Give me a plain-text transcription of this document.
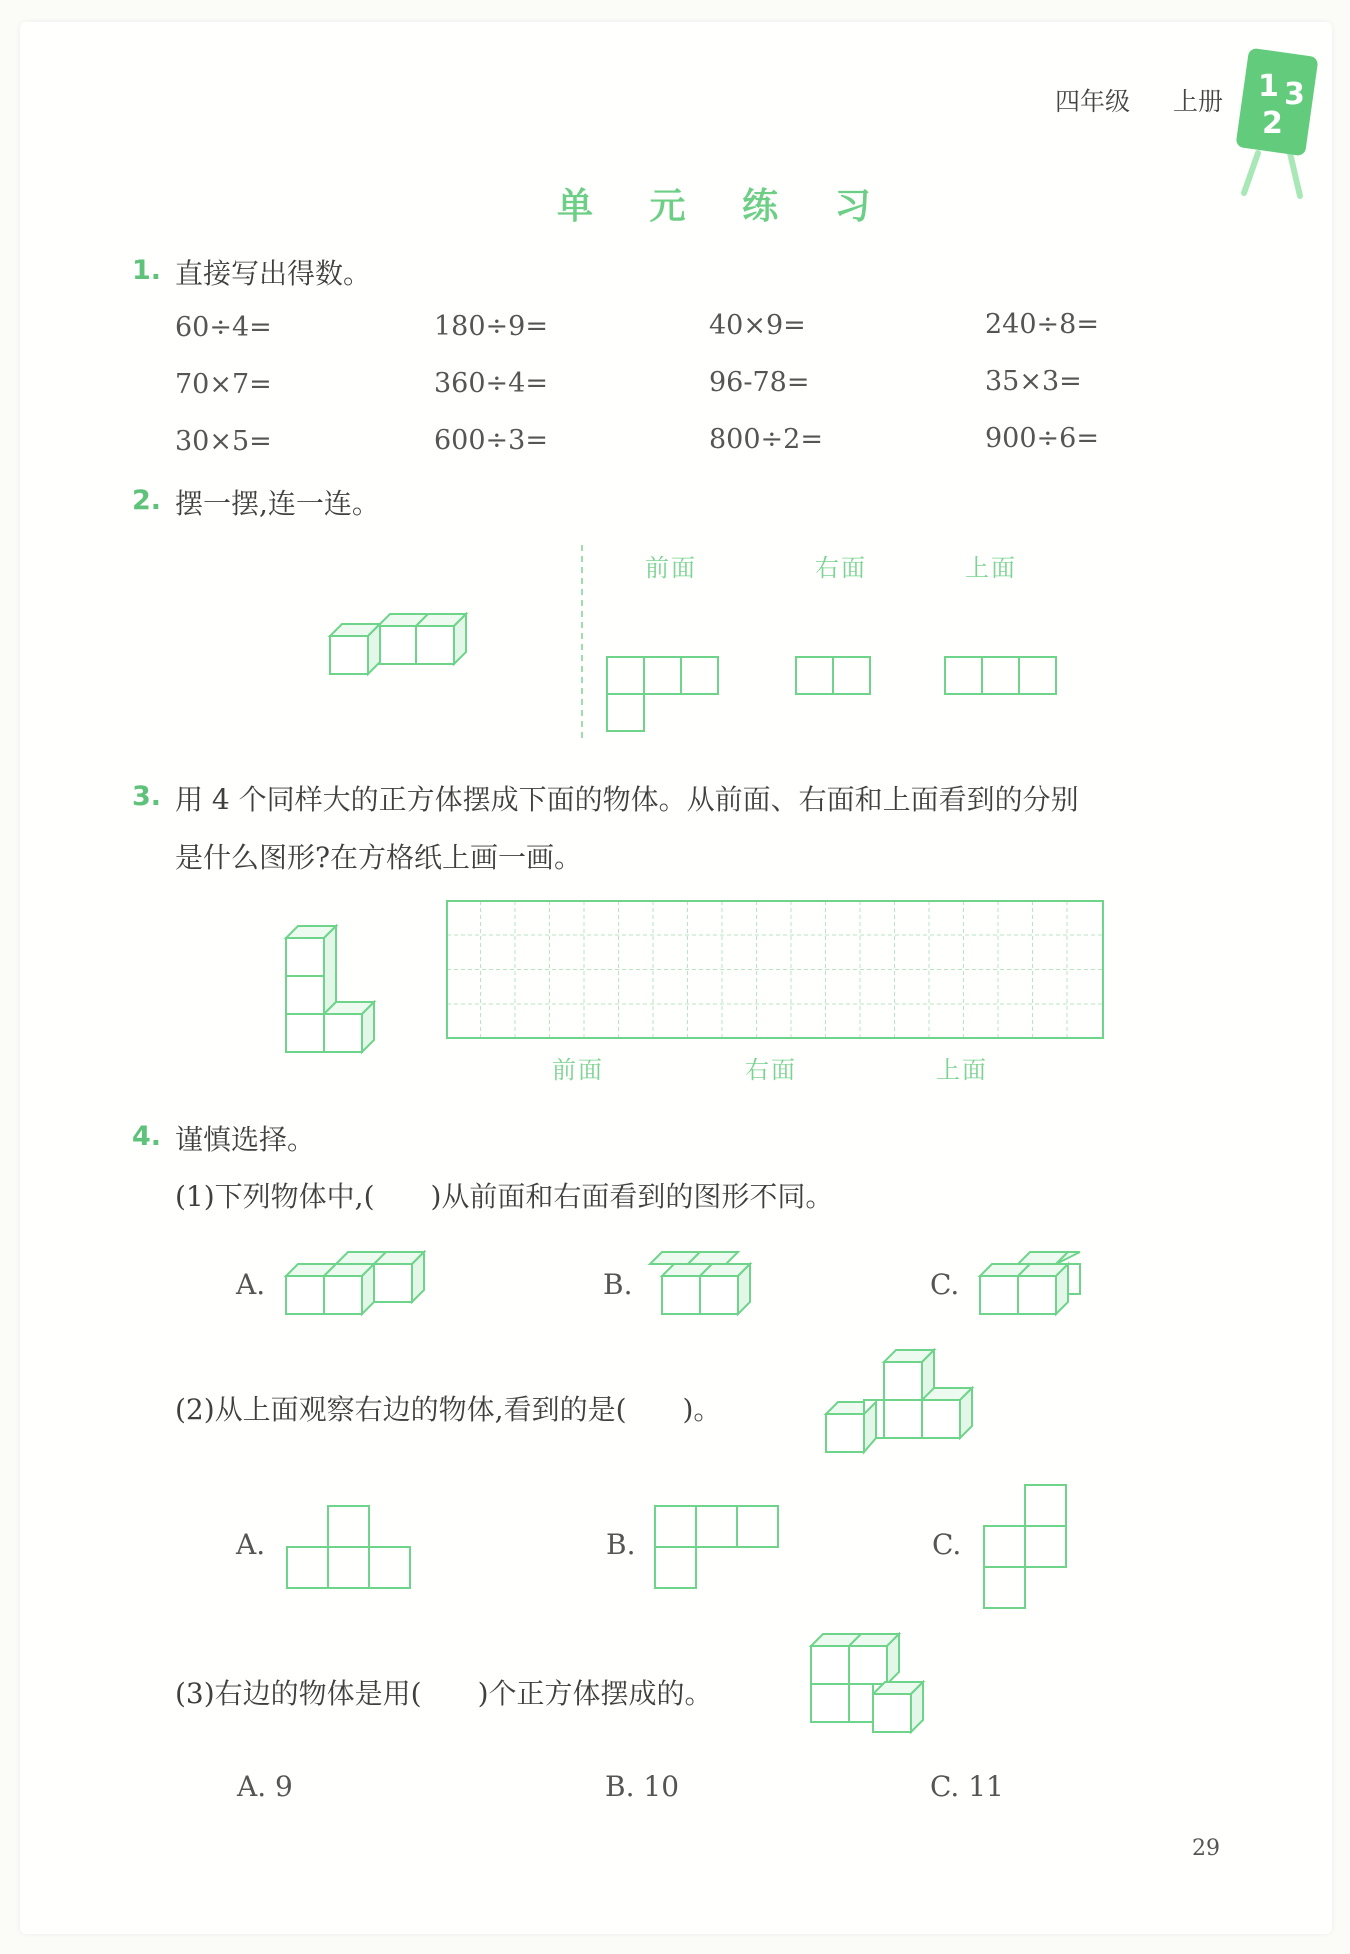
四年级 上册 1 3
2
单 元 练 习
1. 直接写出得数。
60÷4=	180÷9=	40×9=	240÷8=
70×7=	360÷4=	96-78=	35×3=
30×5=	600÷3=	800÷2=	900÷6=
2. 摆一摆,连一连。
前面	右面	上面
3. 用 4 个同样大的正方体摆成下面的物体。从前面、右面和上面看到的分别
是什么图形?在方格纸上画一画。
前面	右面	上面
4. 谨慎选择。
(1)下列物体中,(　　)从前面和右面看到的图形不同。
A.	B.	C.
(2)从上面观察右边的物体,看到的是(　　)。
A.	B.	C.
(3)右边的物体是用(　　)个正方体摆成的。
A. 9	B. 10	C. 11
29
